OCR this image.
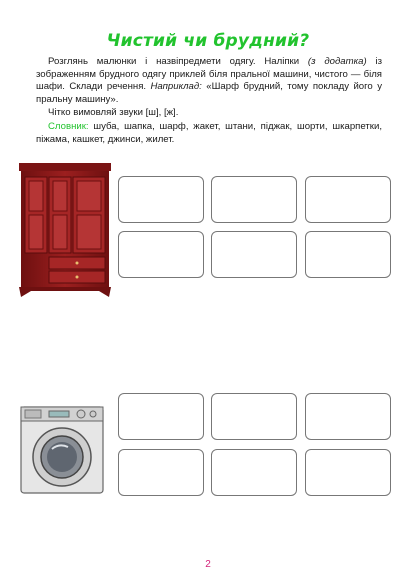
Чистий чи брудний?

Розглянь малюнки і назвіпредмети одягу. Наліпки (з додатка) із зображенням брудного одягу приклей біля пральної машини, чистого — біля шафи. Склади речення. Наприклад: «Шарф брудний, тому покладу його у пральну машину».

Чітко вимовляй звуки [ш], [ж].

Словник: шуба, шапка, шарф, жакет, штани, піджак, шорти, шкарпетки, піжама, кашкет, джинси, жилет.

2
